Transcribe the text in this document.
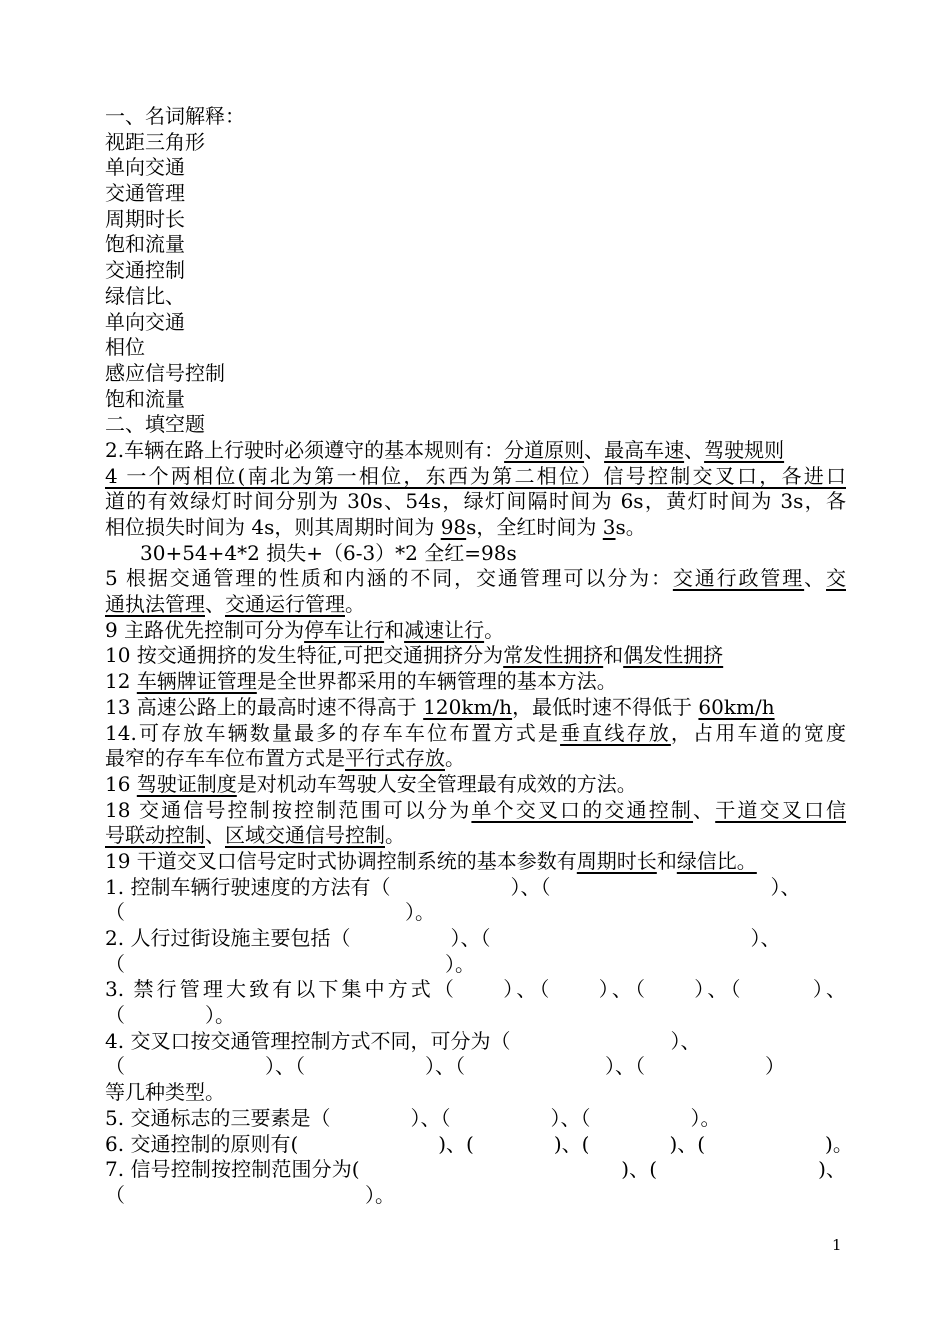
一、名词解释：
视距三角形
单向交通
交通管理
周期时长
饱和流量
交通控制
绿信比、
单向交通
相位
感应信号控制
饱和流量
二、填空题
2.车辆在路上行驶时必须遵守的基本规则有：分道原则、最高车速、驾驶规则
4 一个两相位(南北为第一相位，东西为第二相位）信号控制交叉口，各进口
道的有效绿灯时间分别为 30s、54s，绿灯间隔时间为 6s，黄灯时间为 3s，各
相位损失时间为 4s，则其周期时间为 98s，全红时间为 3s。
30+54+4*2 损失+（6-3）*2 全红=98s
5 根据交通管理的性质和内涵的不同，交通管理可以分为：交通行政管理、交
通执法管理、交通运行管理。
9 主路优先控制可分为停车让行和减速让行。
10 按交通拥挤的发生特征,可把交通拥挤分为常发性拥挤和偶发性拥挤
12 车辆牌证管理是全世界都采用的车辆管理的基本方法。
13 高速公路上的最高时速不得高于 120km/h，最低时速不得低于 60km/h
14.可存放车辆数量最多的存车车位布置方式是垂直线存放，占用车道的宽度
最窄的存车车位布置方式是平行式存放。
16 驾驶证制度是对机动车驾驶人安全管理最有成效的方法。
18 交通信号控制按控制范围可以分为单个交叉口的交通控制、干道交叉口信
号联动控制、区域交通信号控制。
19 干道交叉口信号定时式协调控制系统的基本参数有周期时长和绿信比。
1. 控制车辆行驶速度的方法有（　　　　　　）、（　　　　　　　　　　　）、
（　　　　　　　　　　　　　　）。
2. 人行过街设施主要包括（　　　　　）、（　　　　　　　　　　　　　）、
（　　　　　　　　　　　　　　　　）。
3. 禁行管理大致有以下集中方式（　　）、（　　）、（　　）、（　　　）、
（　　　　）。
4. 交叉口按交通管理控制方式不同，可分为（　　　　　　　　）、
（　　　　　　　）、（　　　　　　）、（　　　　　　　）、（　　　　　　）
等几种类型。
5. 交通标志的三要素是（　　　　）、（　　　　　）、（　　　　　）。
6. 交通控制的原则有(　　　　　　　)、(　　　　)、(　　　　)、(　　　　　　)。
7. 信号控制按控制范围分为(　　　　　　　　　　　　　)、(　　　　　　　　)、
（　　　　　　　　　　　　）。
1
